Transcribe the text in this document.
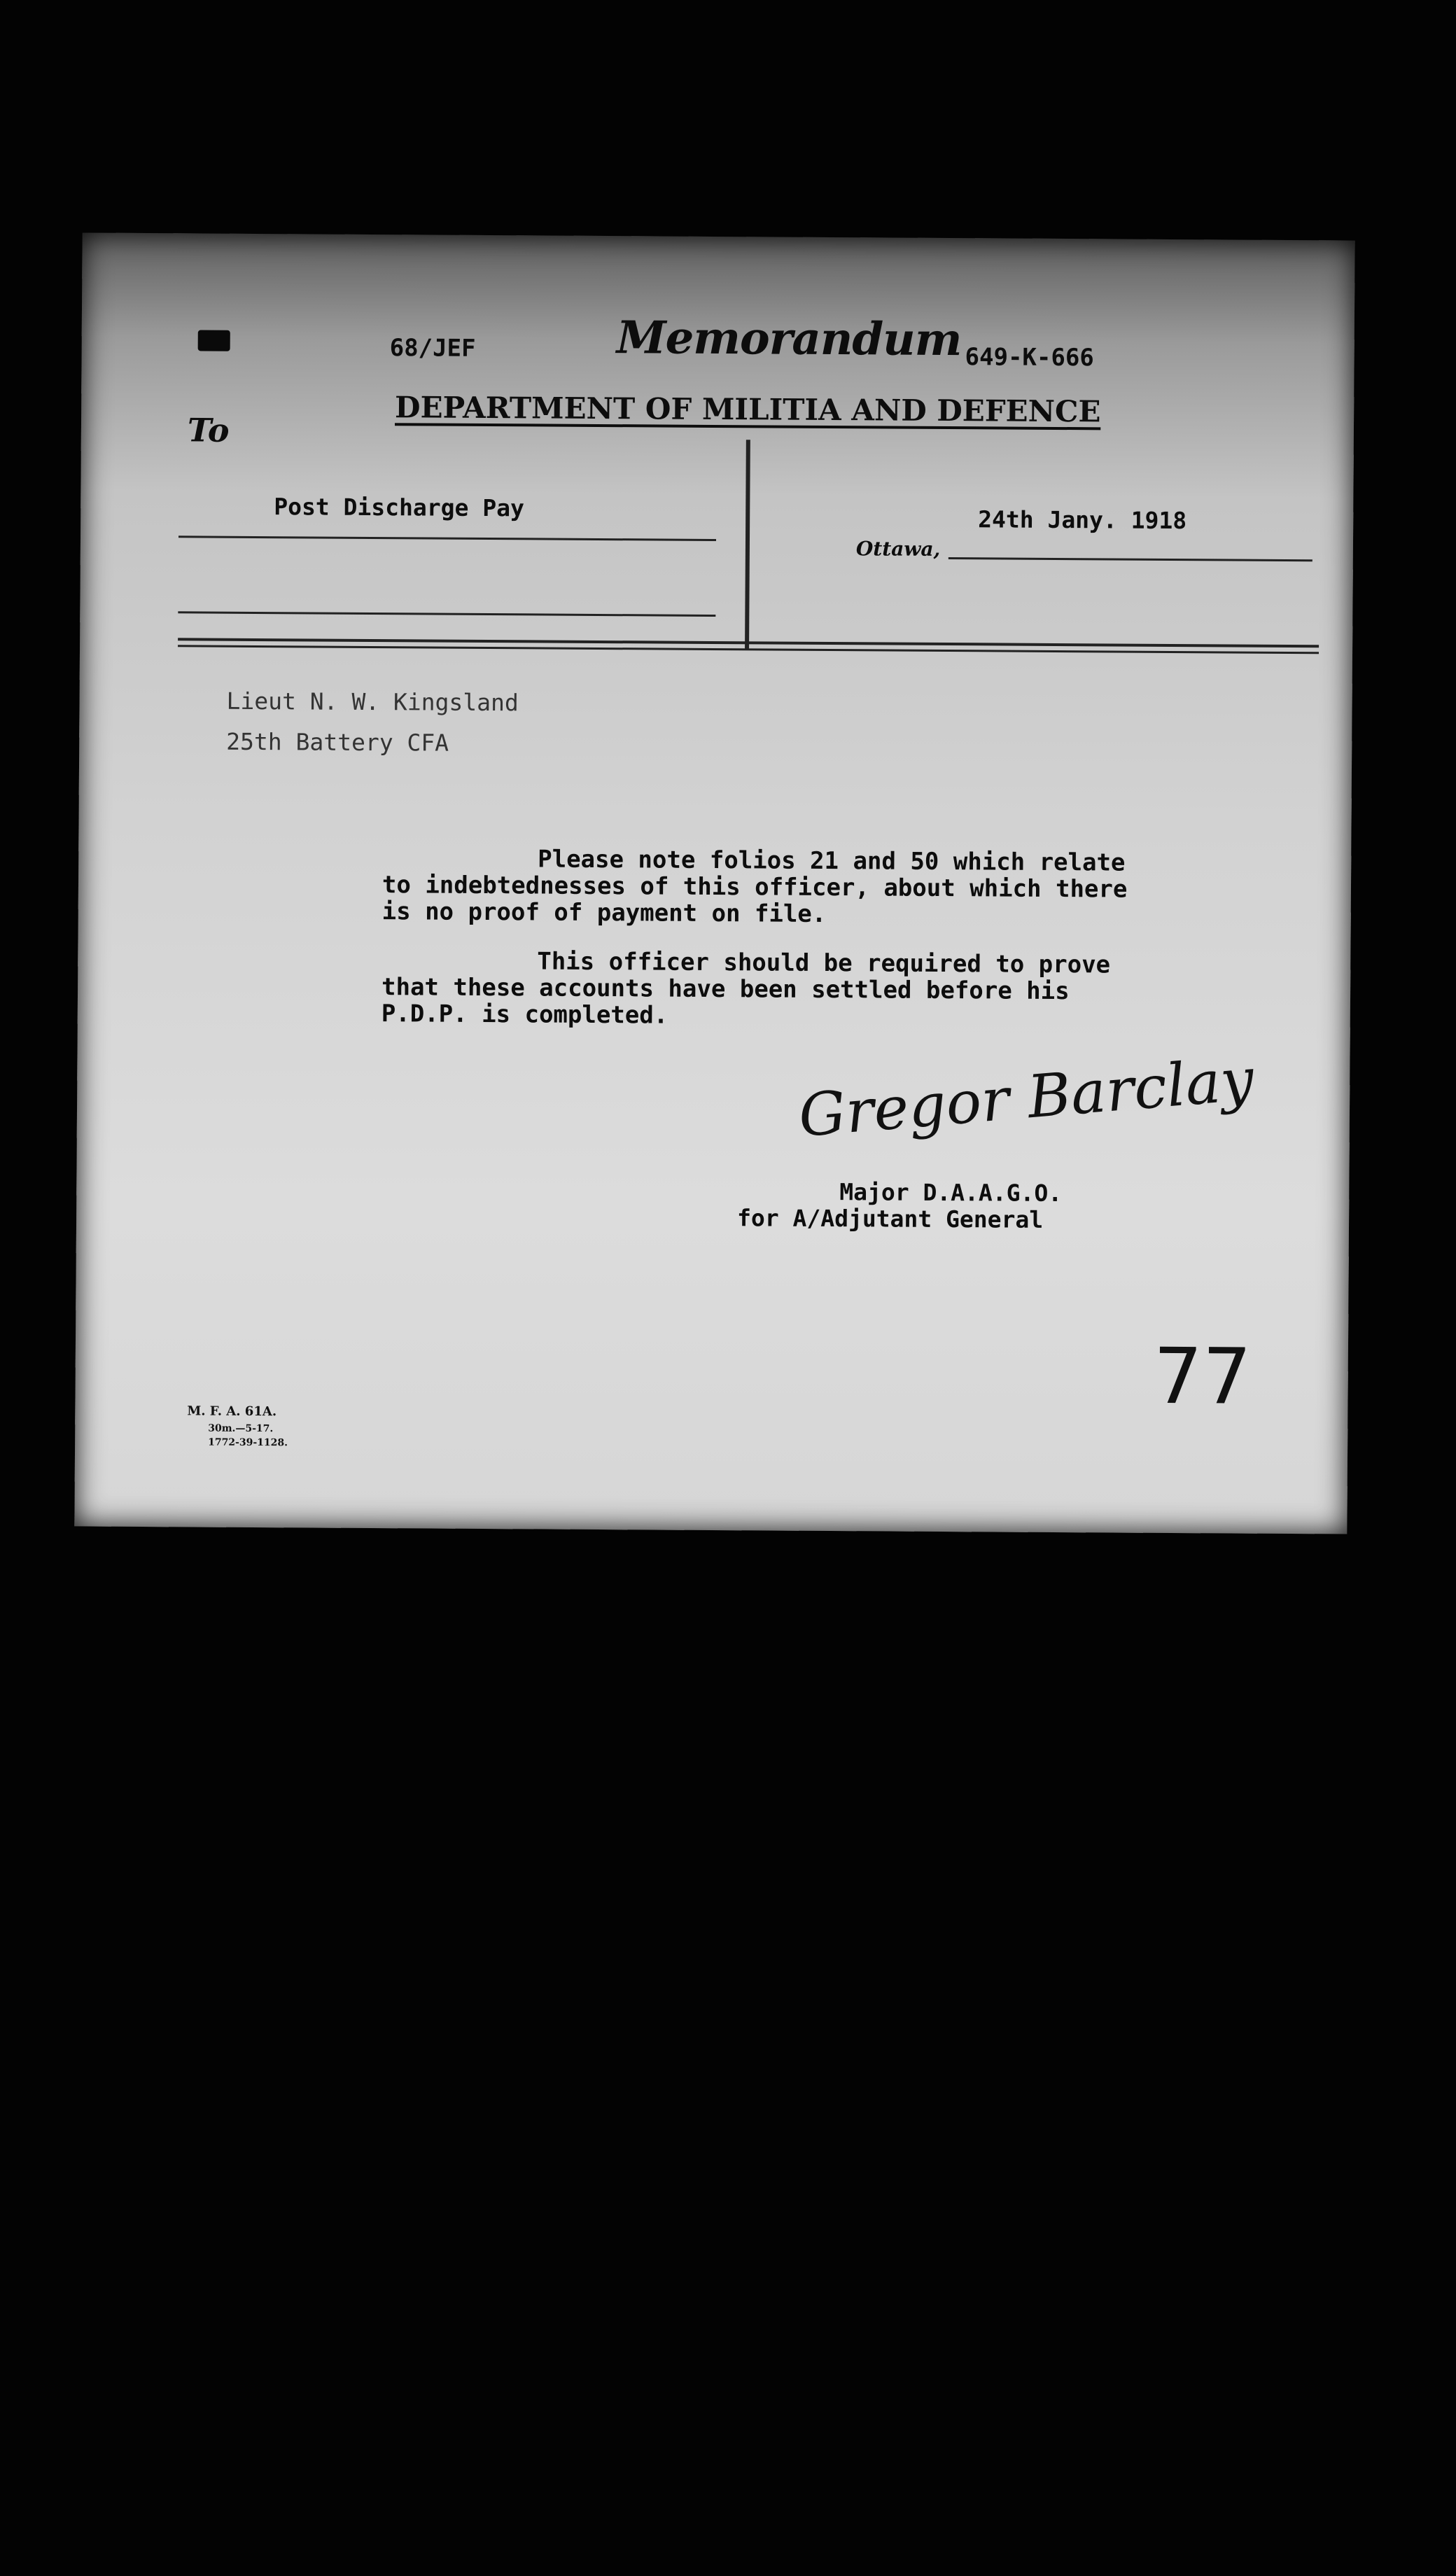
68/JEF	Memorandum 649-K-666
DEPARTMENT OF MILITIA AND DEFENCE
To
Post Discharge Pay
Ottawa,
24th Jany. 1918
Lieut N. W. Kingsland
25th Battery CFA
Please note folios 21 and 50 which relate
to indebtednesses of this officer, about which there
is no proof of payment on file.
This officer should be required to prove
that these accounts have been settled before his
P.D.P. is completed.
Gregor Barclay
Major D.A.A.G.O.
for A/Adjutant General
77
M. F. A. 61A.
30m.—5-17.
1772-39-1128.
